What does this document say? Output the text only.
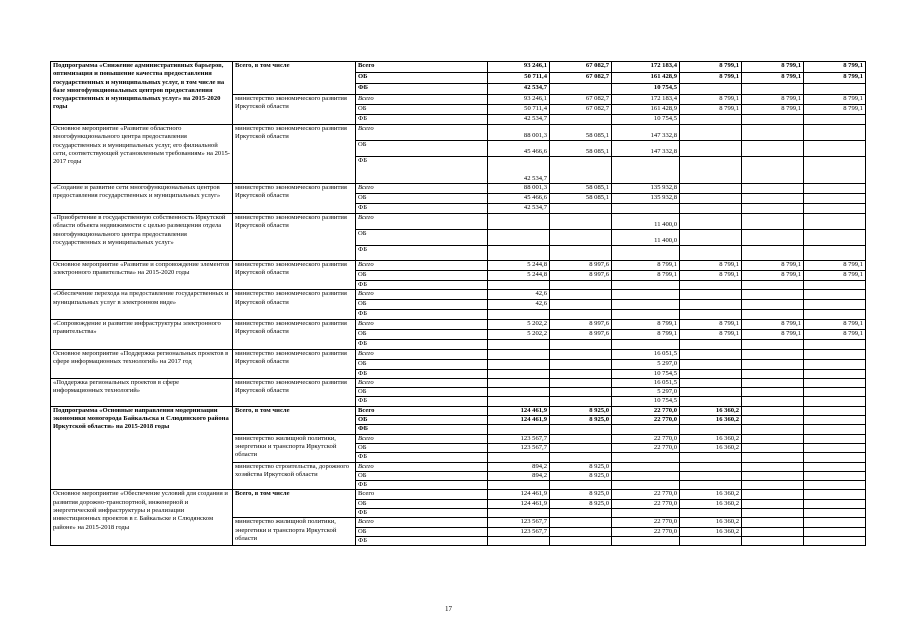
Подпрограмма «Снижение административных барьеров, оптимизация и повышение качества предоставления государственных и муниципальных услуг, в том числе на базе многофункциональных центров предоставления государственных и муниципальных услуг» на 2015-2020 годы	Всего, в том числе	Всего	93 246,1	67 082,7	172 183,4	8 799,1	8 799,1	8 799,1
		ОБ	50 711,4	67 082,7	161 428,9	8 799,1	8 799,1	8 799,1
		ФБ	42 534,7		10 754,5			
	министерство экономического развития Иркутской области	Всего	93 246,1	67 082,7	172 183,4	8 799,1	8 799,1	8 799,1
		ОБ	50 711,4	67 082,7	161 428,9	8 799,1	8 799,1	8 799,1
		ФБ	42 534,7		10 754,5			
Основное мероприятие «Развитие областного многофункционального центра предоставления государственных и муниципальных услуг, его филиальной сети, соответствующей установленным требованиям» на 2015-2017 годы	министерство экономического развития Иркутской области	Всего	88 001,3	58 085,1	147 332,8			
		ОБ	45 466,6	58 085,1	147 332,8			
		ФБ	42 534,7					
«Создание и развитие сети многофункциональных центров предоставления государственных и муниципальных услуг»	министерство экономического развития Иркутской области	Всего	88 001,3	58 085,1	135 932,8			
		ОБ	45 466,6	58 085,1	135 932,8			
		ФБ	42 534,7					
«Приобретение в государственную собственность Иркутской области объекта недвижимости с целью размещения отдела многофункционального центра предоставления государственных и муниципальных услуг»	министерство экономического развития Иркутской области	Всего			11 400,0			
		ОБ			11 400,0			
		ФБ						
Основное мероприятие «Развитие и сопровождение элементов электронного правительства» на 2015-2020 годы	министерство экономического развития Иркутской области	Всего	5 244,8	8 997,6	8 799,1	8 799,1	8 799,1	8 799,1
		ОБ	5 244,8	8 997,6	8 799,1	8 799,1	8 799,1	8 799,1
		ФБ						
«Обеспечение перехода на предоставление государственных и муниципальных услуг в электронном виде»	министерство экономического развития Иркутской области	Всего	42,6					
		ОБ	42,6					
		ФБ						
«Сопровождение и развитие инфраструктуры электронного правительства»	министерство экономического развития Иркутской области	Всего	5 202,2	8 997,6	8 799,1	8 799,1	8 799,1	8 799,1
		ОБ	5 202,2	8 997,6	8 799,1	8 799,1	8 799,1	8 799,1
		ФБ						
Основное мероприятие «Поддержка региональных проектов в сфере информационных технологий» на 2017 год	министерство экономического развития Иркутской области	Всего			16 051,5			
		ОБ			5 297,0			
		ФБ			10 754,5			
«Поддержка региональных проектов в сфере информационных технологий»	министерство экономического развития Иркутской области	Всего			16 051,5			
		ОБ			5 297,0			
		ФБ			10 754,5			
Подпрограмма «Основные направления модернизации экономики моногорода Байкальска и Слюдянского района Иркутской области» на 2015-2018 годы	Всего, в том числе	Всего	124 461,9	8 925,0	22 770,0	16 360,2		
		ОБ	124 461,9	8 925,0	22 770,0	16 360,2		
		ФБ						
	министерство жилищной политики, энергетики и транспорта Иркутской области	Всего	123 567,7		22 770,0	16 360,2		
		ОБ	123 567,7		22 770,0	16 360,2		
		ФБ						
	министерство строительства, дорожного хозяйства Иркутской области	Всего	894,2	8 925,0				
		ОБ	894,2	8 925,0				
		ФБ						
Основное мероприятие «Обеспечение условий для создания и развития дорожно-транспортной, инженерной и энергетической инфраструктуры и реализации инвестиционных проектов в г. Байкальске и Слюдянском районе» на 2015-2018 годы	Всего, в том числе	Всего	124 461,9	8 925,0	22 770,0	16 360,2		
		ОБ	124 461,9	8 925,0	22 770,0	16 360,2		
		ФБ						
	министерство жилищной политики, энергетики и транспорта Иркутской области	Всего	123 567,7		22 770,0	16 360,2		
		ОБ	123 567,7		22 770,0	16 360,2		
		ФБ						
17
